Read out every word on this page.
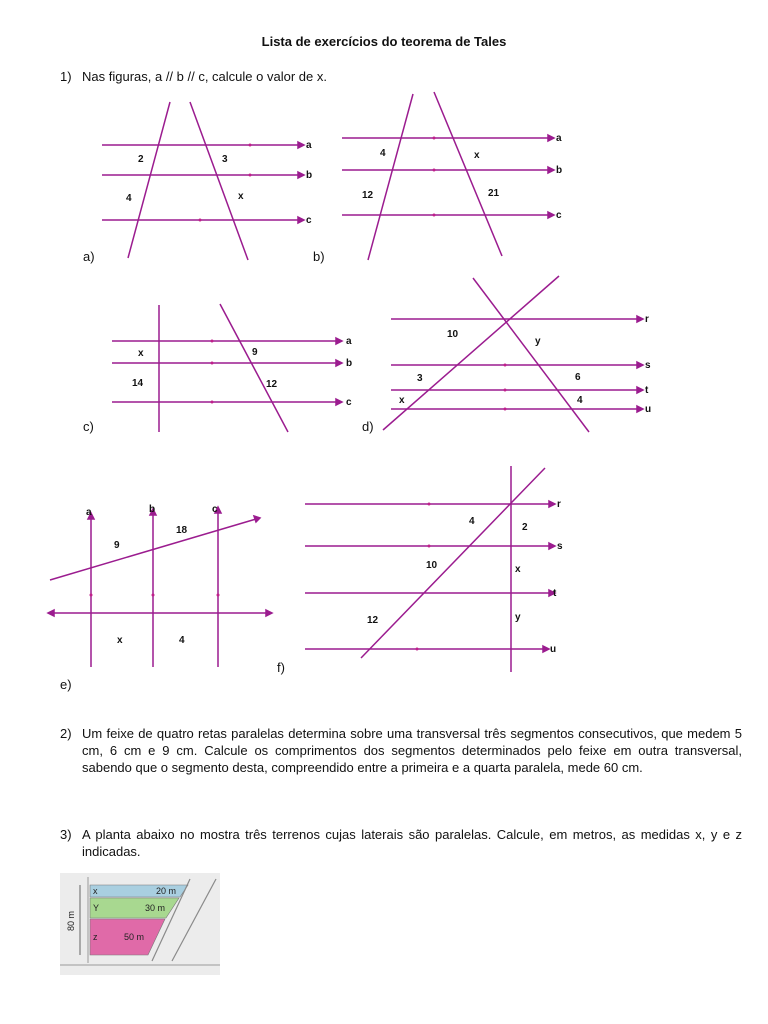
Lista de exercícios do teorema de Tales
1) Nas figuras, a // b // c, calcule o valor de x.
a
b
c
2	3
4	x
a)
a
b
c
4	x
12	21
b)
a
b
c
x	9
14	12
c)
r
s
t
u
10
y
3	6
x	4
d)
a	b	c
9
18
x	4
e)
r
s
t
u
4
2
10	x
y
12
f)
2) Um feixe de quatro retas paralelas determina sobre uma transversal três segmentos consecutivos, que medem 5 cm, 6 cm e 9 cm. Calcule os comprimentos dos segmentos determinados pelo feixe em outra transversal, sabendo que o segmento desta, compreendido entre a primeira e a quarta paralela, mede 60 cm.
3) A planta abaixo no mostra três terrenos cujas laterais são paralelas. Calcule, em metros, as medidas x, y e z indicadas.
80 m
x	20 m
Y	30 m
z	50 m
